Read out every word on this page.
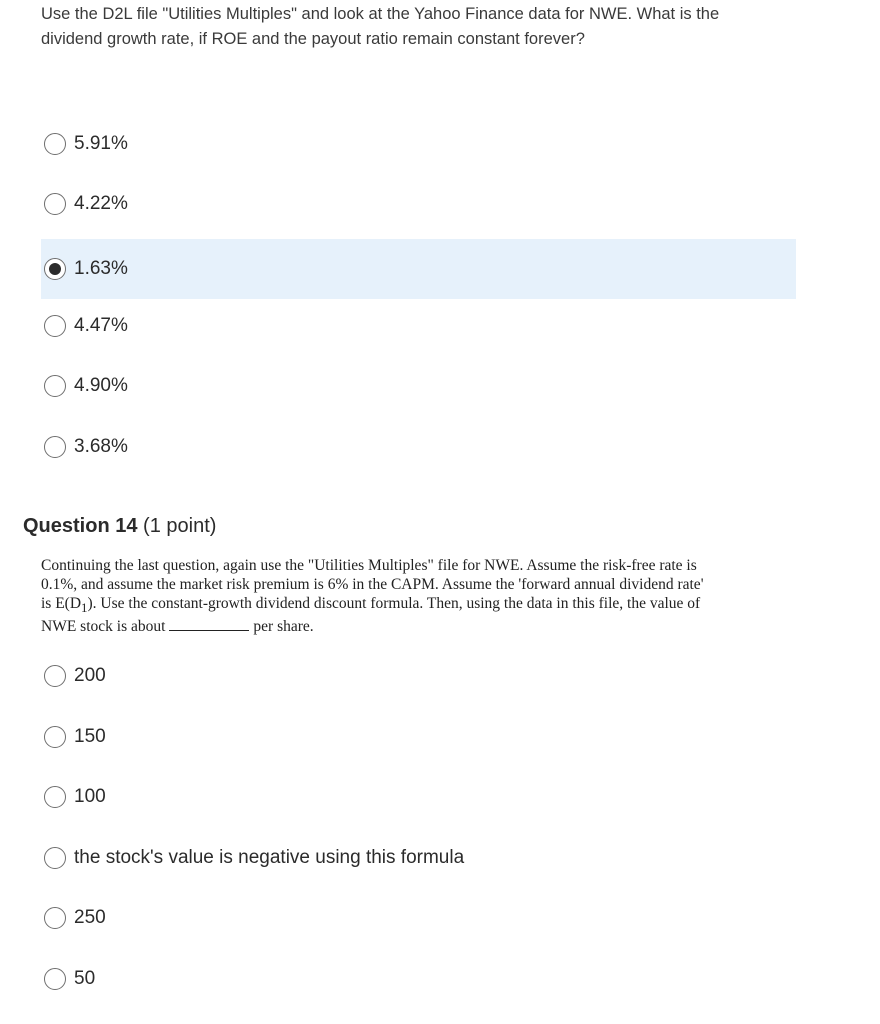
Use the D2L file "Utilities Multiples" and look at the Yahoo Finance data for NWE. What is the
dividend growth rate, if ROE and the payout ratio remain constant forever?
5.91%
4.22%
1.63%
4.47%
4.90%
3.68%
Question 14 (1 point)
Continuing the last question, again use the "Utilities Multiples" file for NWE. Assume the risk-free rate is
0.1%, and assume the market risk premium is 6% in the CAPM. Assume the 'forward annual dividend rate'
is $E(D_1)$. Use the constant-growth dividend discount formula. Then, using the data in this file, the value of
NWE stock is about	per share.
200
150
100
the stock's value is negative using this formula
250
50
